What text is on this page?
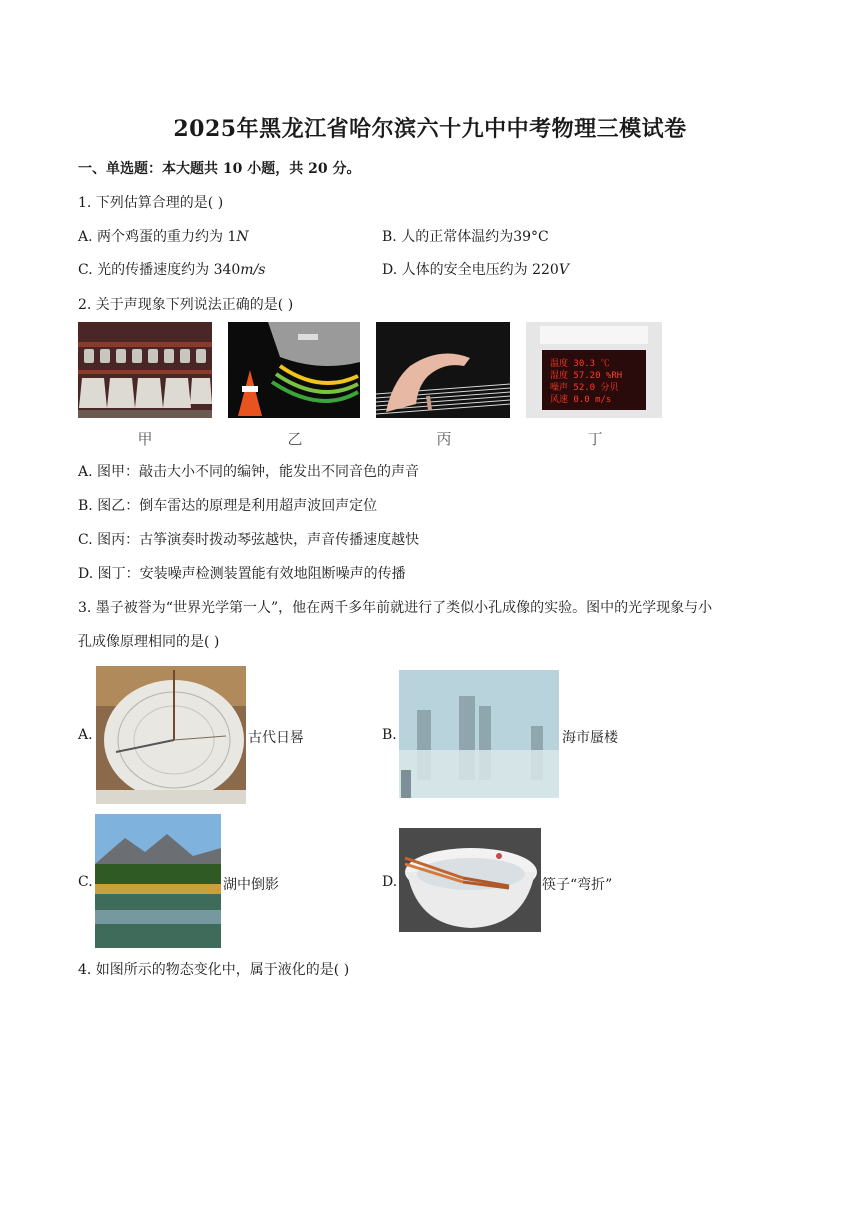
2025年黑龙江省哈尔滨六十九中中考物理三模试卷
一、单选题：本大题共 10 小题，共 20 分。
1. 下列估算合理的是( )
A. 两个鸡蛋的重力约为 1N	B. 人的正常体温约为39°C
C. 光的传播速度约为 340m/s	D. 人体的安全电压约为 220V
2. 关于声现象下列说法正确的是( )
温度 30.3 ℃
湿度 57.20 %RH
噪声 52.0 分贝
风速 0.0 m/s
甲	乙	丙	丁
A. 图甲：敲击大小不同的编钟，能发出不同音色的声音
B. 图乙：倒车雷达的原理是利用超声波回声定位
C. 图丙：古筝演奏时拨动琴弦越快，声音传播速度越快
D. 图丁：安装噪声检测装置能有效地阻断噪声的传播
3. 墨子被誉为“世界光学第一人”，他在两千多年前就进行了类似小孔成像的实验。图中的光学现象与小
孔成像原理相同的是( )
A.	古代日晷	B.	海市蜃楼
C.	湖中倒影	D.	筷子“弯折”
4. 如图所示的物态变化中，属于液化的是( )
